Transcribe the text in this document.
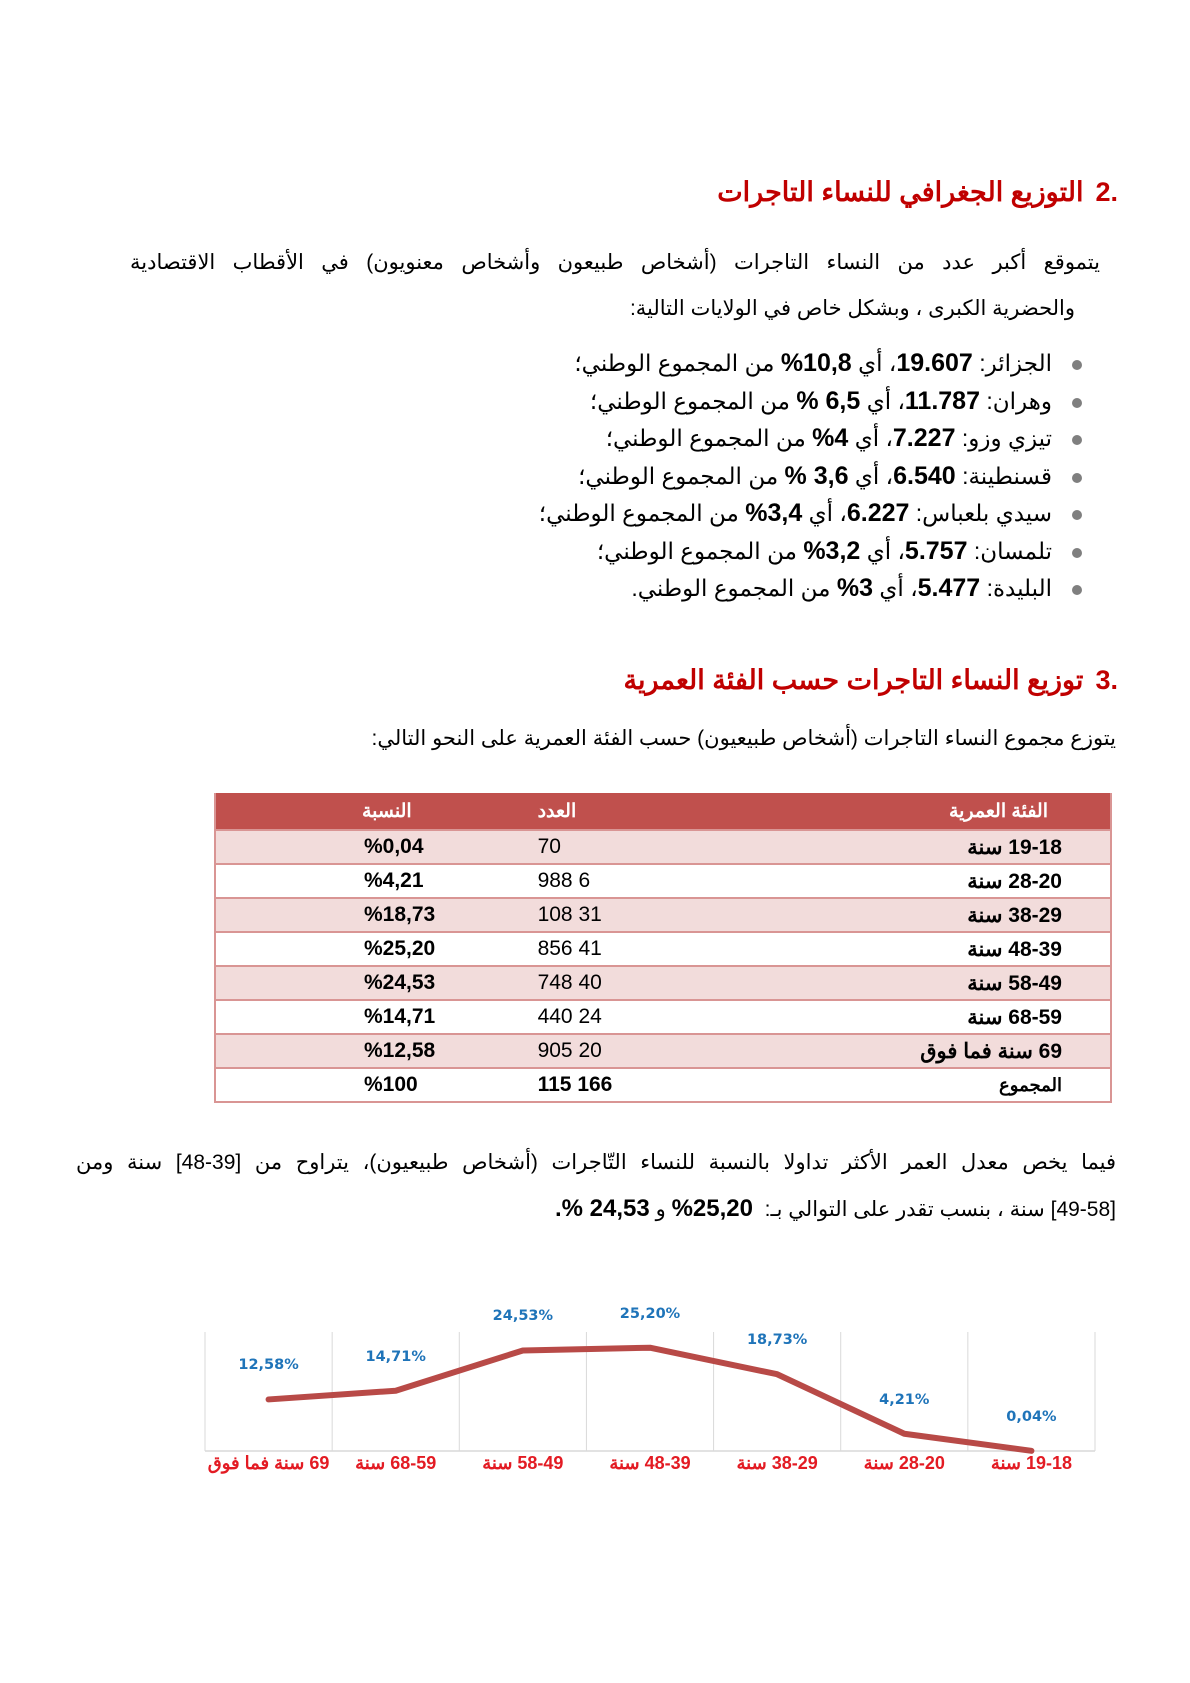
.2التوزيع الجغرافي للنساء التاجرات
يتموقع أكبر عدد من النساء التاجرات (أشخاص طبيعون وأشخاص معنويون) في الأقطاب الاقتصادية
والحضرية الكبرى ، وبشكل خاص في الولايات التالية:
الجزائر: 19.607، أي 10,8% من المجموع الوطني؛
وهران: 11.787، أي 6,5 % من المجموع الوطني؛
تيزي وزو: 7.227، أي 4% من المجموع الوطني؛
قسنطينة: 6.540، أي 3,6 % من المجموع الوطني؛
سيدي بلعباس: 6.227، أي 3,4% من المجموع الوطني؛
تلمسان: 5.757، أي 3,2% من المجموع الوطني؛
البليدة: 5.477، أي 3% من المجموع الوطني.
.3توزيع النساء التاجرات حسب الفئة العمرية
يتوزع مجموع النساء التاجرات (أشخاص طبيعيون) حسب الفئة العمرية على النحو التالي:
الفئة العمرية	العدد	النسبة
19-18 سنة	70	%0,04
28-20 سنة	6 988	%4,21
38-29 سنة	31 108	%18,73
48-39 سنة	41 856	%25,20
58-49 سنة	40 748	%24,53
68-59 سنة	24 440	%14,71
69 سنة فما فوق	20 905	%12,58
المجموع	166 115	%100
فيما يخص معدل العمر الأكثر تداولا بالنسبة للنساء التّاجرات (أشخاص طبيعيون)، يتراوح من [39-48] سنة ومن
[49-58] سنة ، بنسب تقدر على التوالي بـ:  25,20% و 24,53 %.
12,58%
69 سنة فما فوق
14,71%
68-59 سنة
24,53%
58-49 سنة
25,20%
48-39 سنة
18,73%
38-29 سنة
4,21%
28-20 سنة
0,04%
19-18 سنة
